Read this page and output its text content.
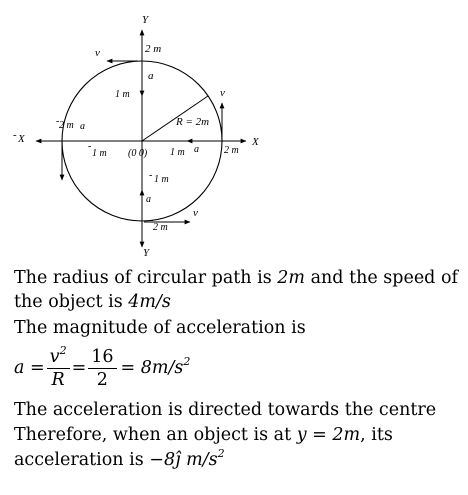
Y
Y
X
- X
2 m
v
a
1 m
- 1 m
- 2 m a
-
1 m (0 0) 1 m
R = 2m
a
v
2 m
a
v
-
2 m
The radius of circular path is 2m and the speed of
the object is 4m/s
The magnitude of acceleration is
$a = \frac{v^2}{R} = \frac{16}{2} = 8m/s^2$
The acceleration is directed towards the centre
Therefore, when an object is at y = 2m, its
acceleration is −8ĵ $m/s^2$
